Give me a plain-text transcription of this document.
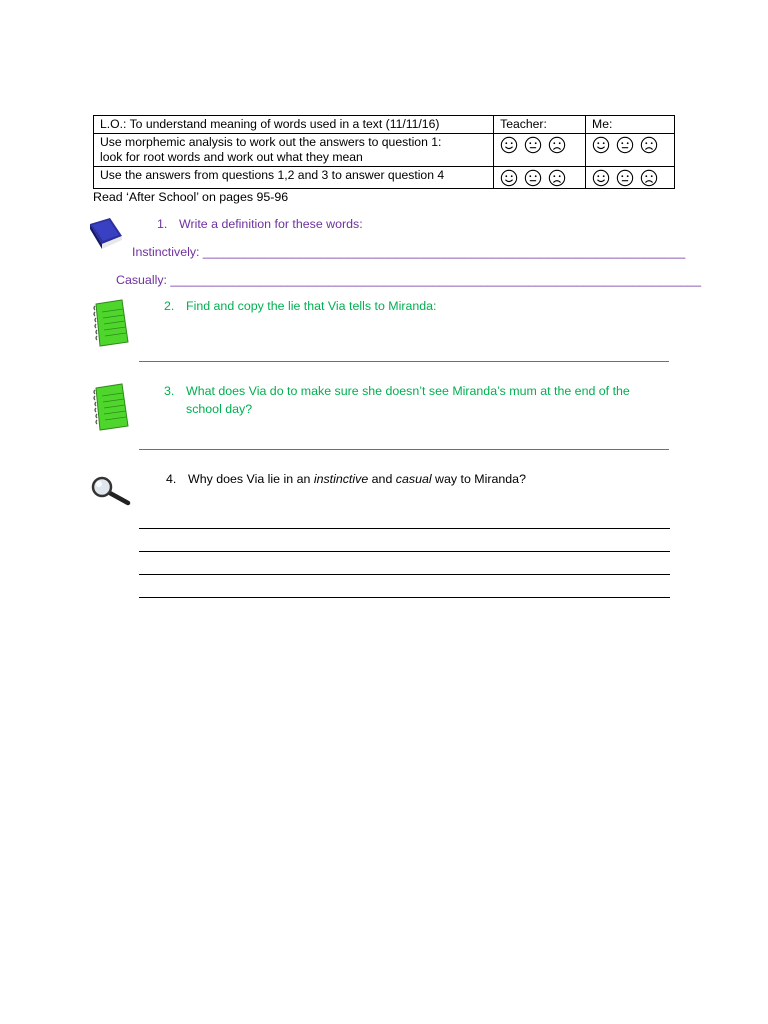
L.O.: To understand meaning of words used in a text (11/11/16)	Teacher:	Me:

Use morphemic analysis to work out the answers to question 1:
look for root words and work out what they mean

Use the answers from questions 1,2 and 3 to answer question 4	

Read ‘After School’ on pages 95-96
1. Write a definition for these words:
Instinctively: ______________________________________________________________________
Casually: _____________________________________________________________________________
2. Find and copy the lie that Via tells to Miranda:
3. What does Via do to make sure she doesn’t see Miranda’s mum at the end of the
school day?
4. Why does Via lie in an instinctive and casual way to Miranda?
